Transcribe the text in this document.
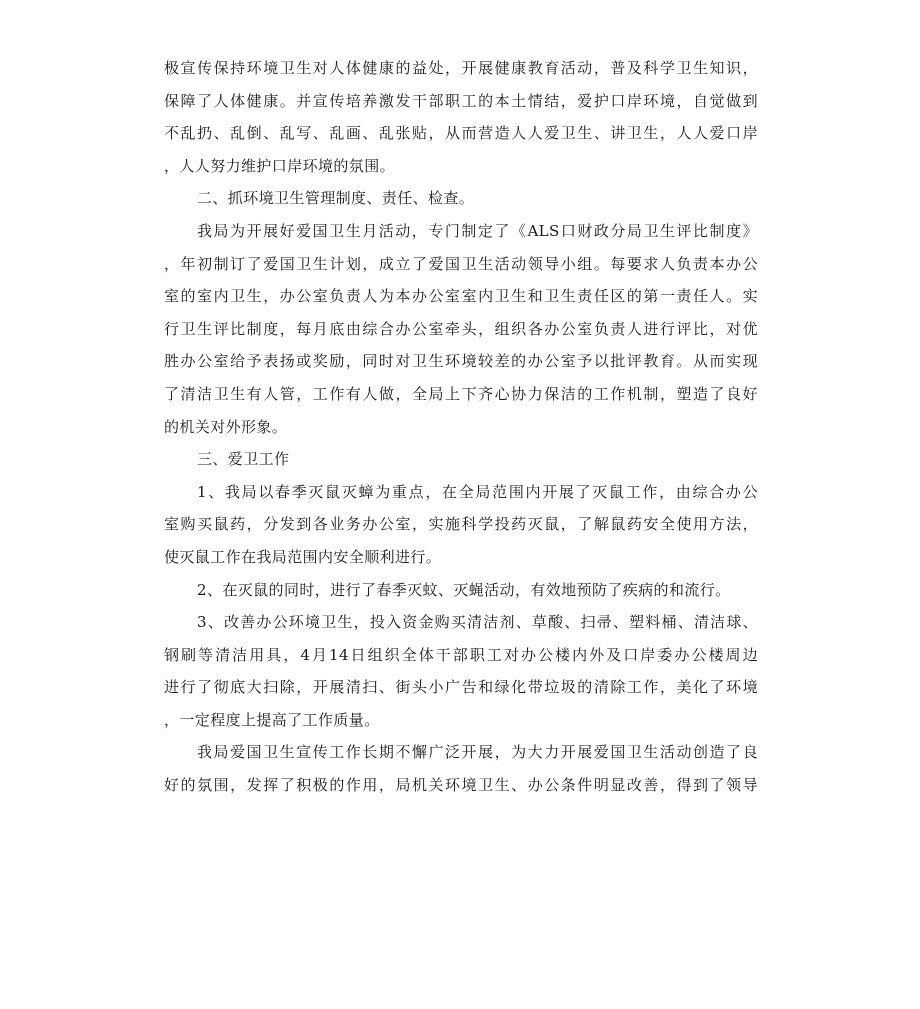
极宣传保持环境卫生对人体健康的益处，开展健康教育活动，普及科学卫生知识，
保障了人体健康。并宣传培养激发干部职工的本土情结，爱护口岸环境，自觉做到
不乱扔、乱倒、乱写、乱画、乱张贴，从而营造人人爱卫生、讲卫生，人人爱口岸
，人人努力维护口岸环境的氛围。
二、抓环境卫生管理制度、责任、检查。
我局为开展好爱国卫生月活动，专门制定了《ALS口财政分局卫生评比制度》
，年初制订了爱国卫生计划，成立了爱国卫生活动领导小组。每要求人负责本办公
室的室内卫生，办公室负责人为本办公室室内卫生和卫生责任区的第一责任人。实
行卫生评比制度，每月底由综合办公室牵头，组织各办公室负责人进行评比，对优
胜办公室给予表扬或奖励，同时对卫生环境较差的办公室予以批评教育。从而实现
了清洁卫生有人管，工作有人做，全局上下齐心协力保洁的工作机制，塑造了良好
的机关对外形象。
三、爱卫工作
1、我局以春季灭鼠灭蟑为重点，在全局范围内开展了灭鼠工作，由综合办公
室购买鼠药，分发到各业务办公室，实施科学投药灭鼠，了解鼠药安全使用方法，
使灭鼠工作在我局范围内安全顺利进行。
2、在灭鼠的同时，进行了春季灭蚊、灭蝇活动，有效地预防了疾病的和流行。
3、改善办公环境卫生，投入资金购买清洁剂、草酸、扫帚、塑料桶、清洁球、
钢刷等清洁用具，4月14日组织全体干部职工对办公楼内外及口岸委办公楼周边
进行了彻底大扫除，开展清扫、街头小广告和绿化带垃圾的清除工作，美化了环境
，一定程度上提高了工作质量。
我局爱国卫生宣传工作长期不懈广泛开展，为大力开展爱国卫生活动创造了良
好的氛围，发挥了积极的作用，局机关环境卫生、办公条件明显改善，得到了领导
